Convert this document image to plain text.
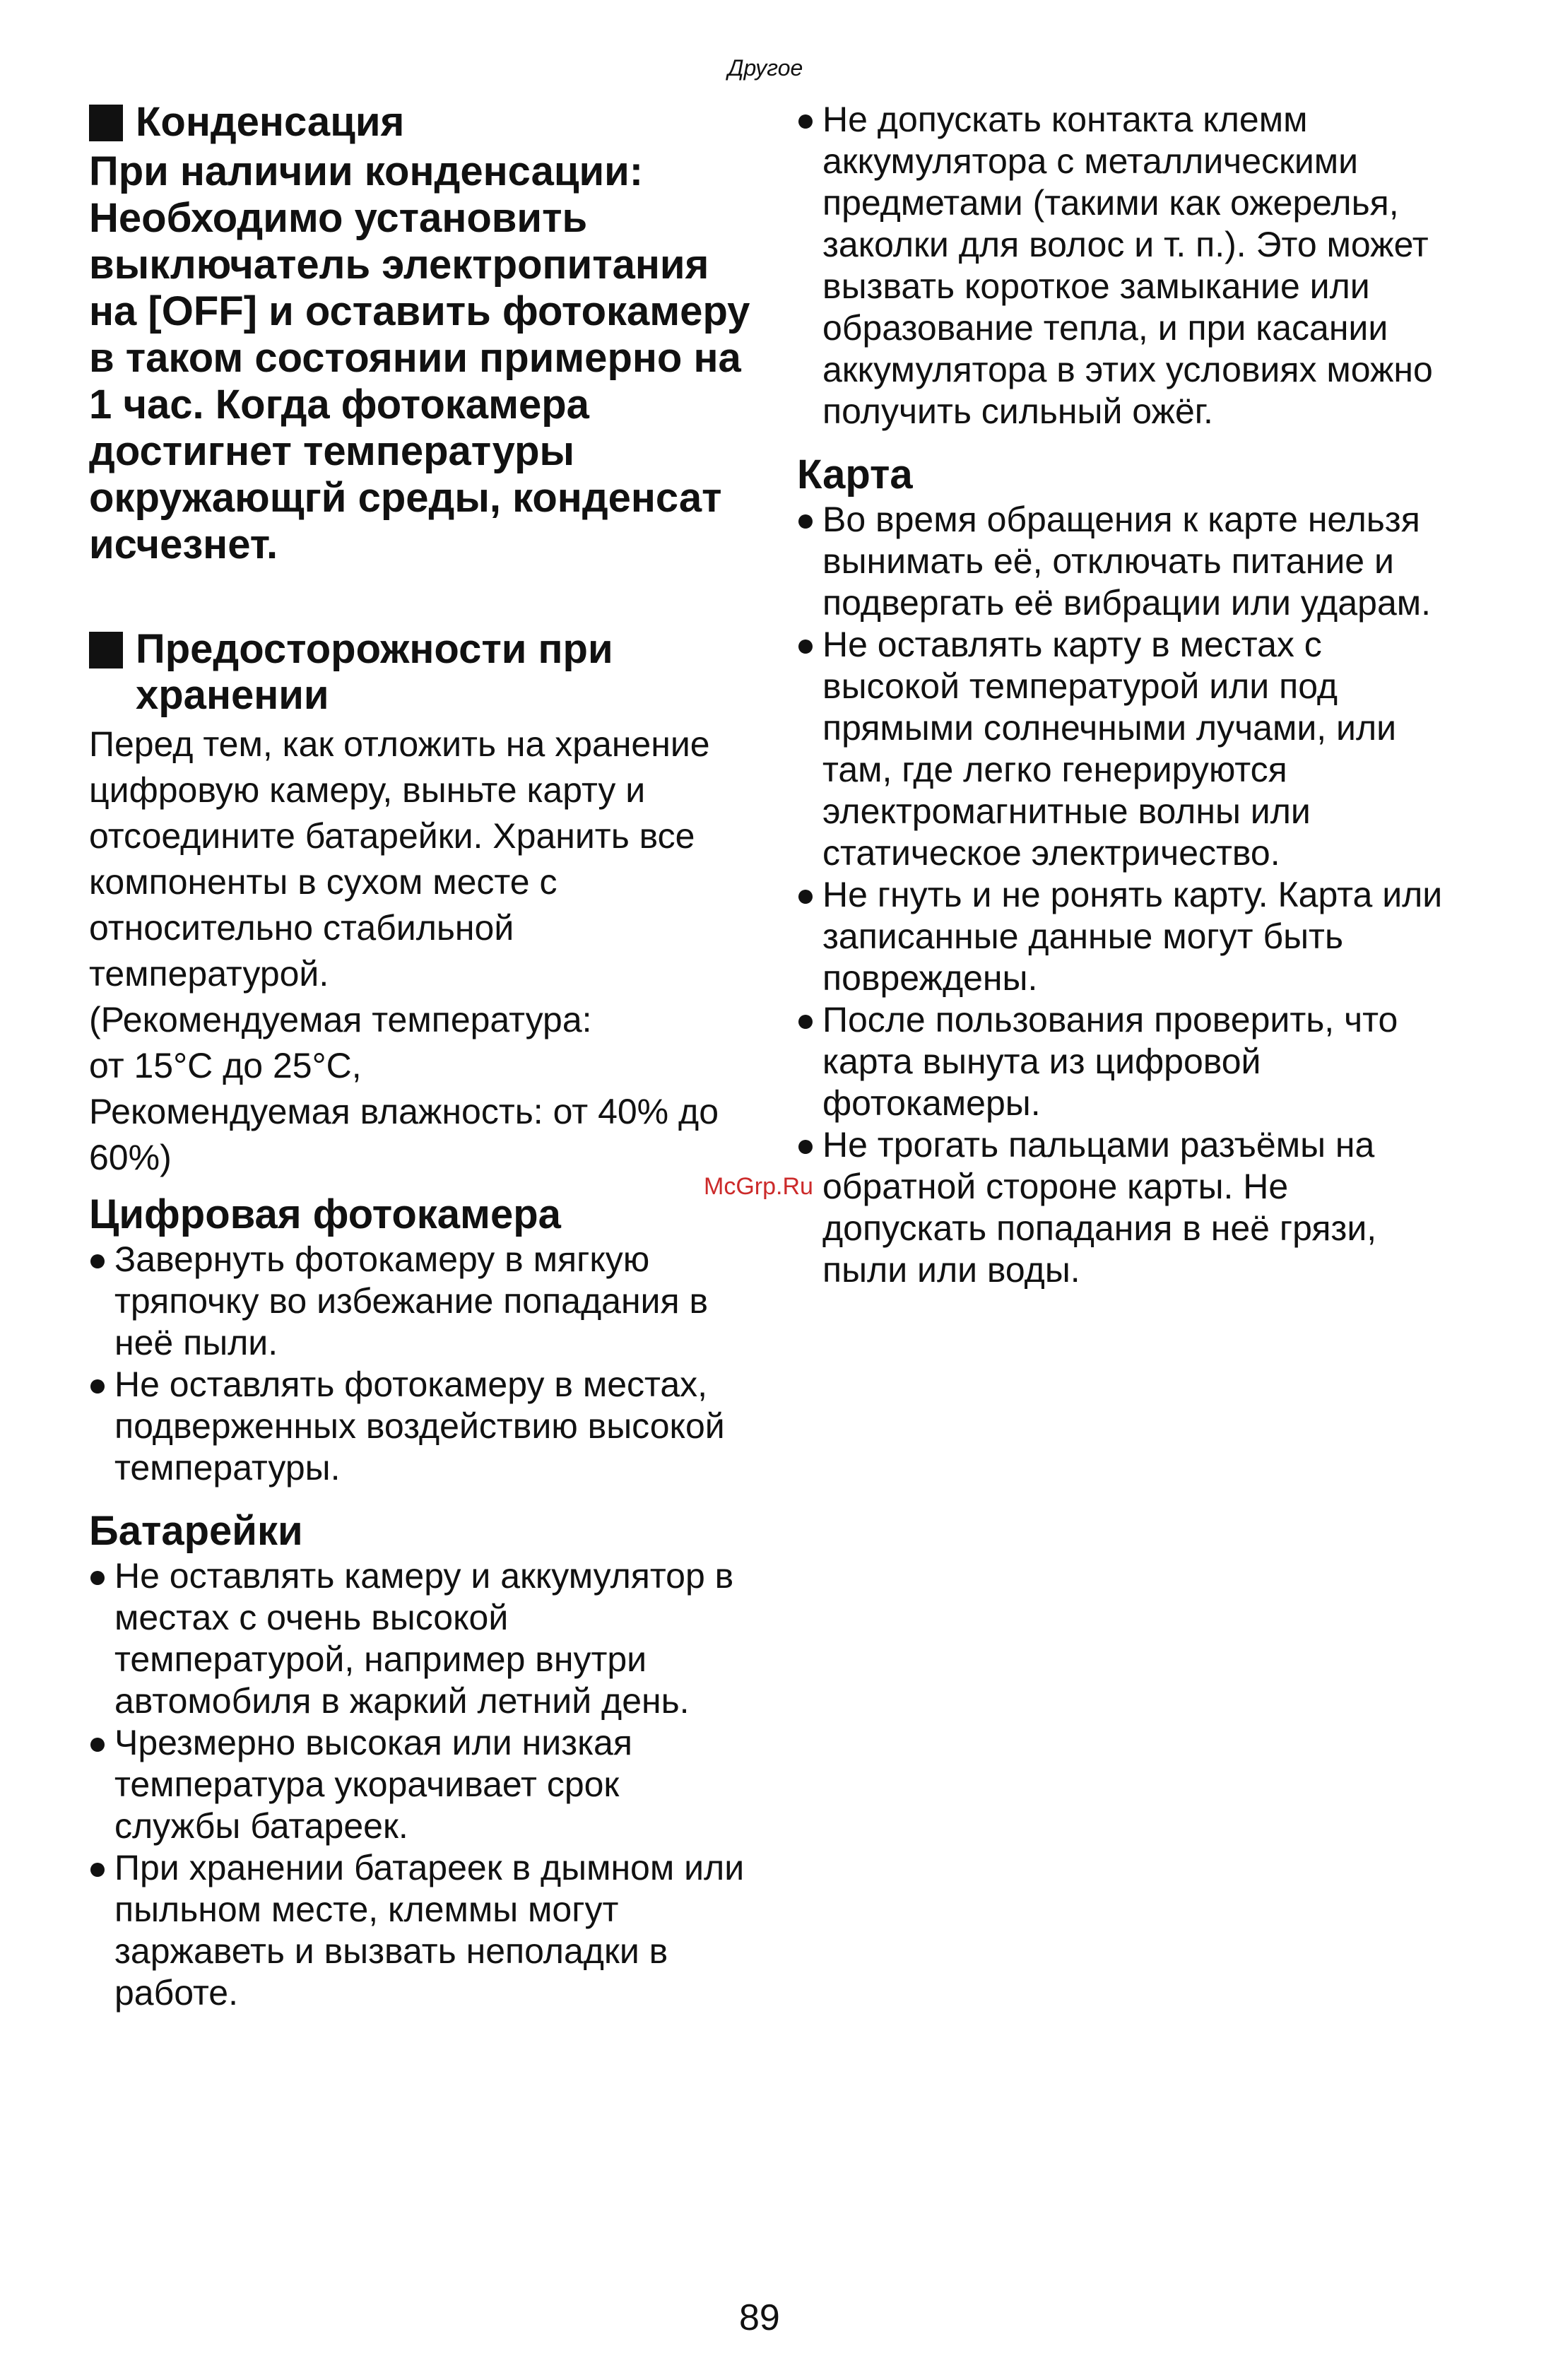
Другое
Конденсация

При наличии конденсации: Необходимо установить выключатель электропитания на [OFF] и оставить фотокамеру в таком состоянии примерно на 1 час. Когда фотокамера достигнет температуры окружающгй среды, конденсат исчезнет.

Предосторожности при
хранении

Перед тем, как отложить на хранение цифровую камеру, выньте карту и отсоедините батарейки. Хранить все компоненты в сухом месте с относительно стабильной температурой.

(Рекомендуемая температура:
от 15°C до 25°C,
Рекомендуемая влажность: от 40% до 60%)

Цифровая фотокамера
Завернуть фотокамеру в мягкую тряпочку во избежание попадания в неё пыли.
Не оставлять фотокамеру в местах, подверженных воздействию высокой температуры.
Батарейки
Не оставлять камеру и аккумулятор в местах с очень высокой температурой, например внутри автомобиля в жаркий летний день.
Чрезмерно высокая или низкая температура укорачивает срок службы батареек.
При хранении батареек в дымном или пыльном месте, клеммы могут заржаветь и вызвать неполадки в работе.
Не допускать контакта клемм аккумулятора с металлическими предметами (такими как ожерелья, заколки для волос и т. п.). Это может вызвать короткое замыкание или образование тепла, и при касании аккумулятора в этих условиях можно получить сильный ожёг.
Карта
Во время обращения к карте нельзя вынимать её, отключать питание и подвергать её вибрации или ударам.
Не оставлять карту в местах с высокой температурой или под прямыми солнечными лучами, или там, где легко генерируются электромагнитные волны или статическое электричество.
Не гнуть и не ронять карту. Карта или записанные данные могут быть повреждены.
После пользования проверить, что карта вынута из цифровой фотокамеры.
Не трогать пальцами разъёмы на обратной стороне карты. Не допускать попадания в неё грязи, пыли или воды.
McGrp.Ru
89
